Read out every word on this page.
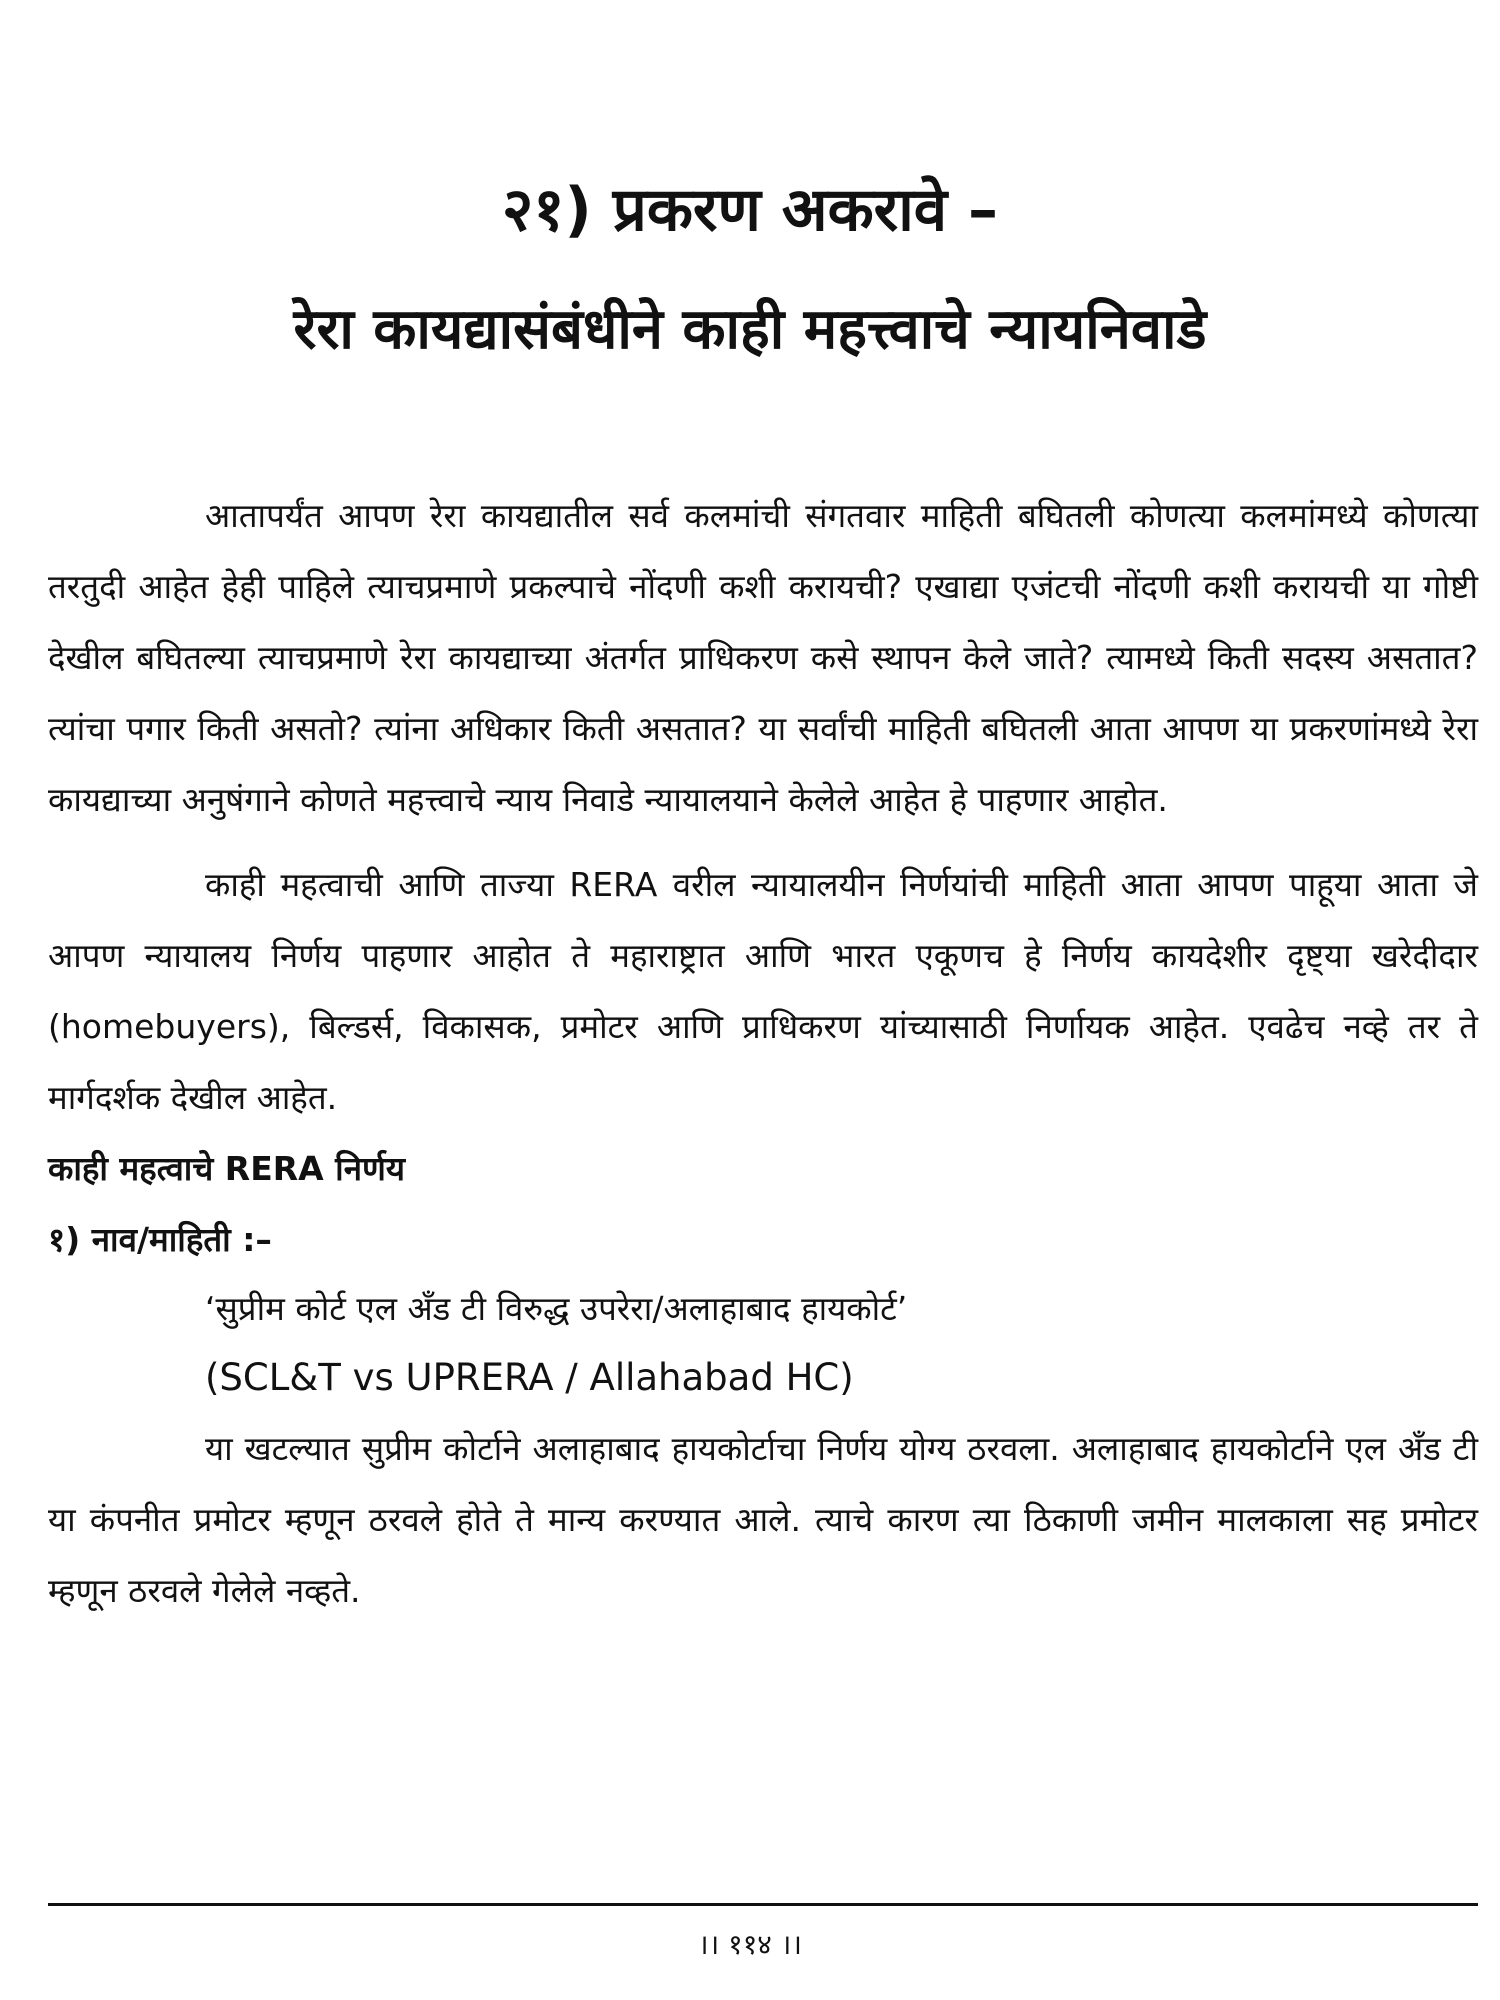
२१) प्रकरण अकरावे –
रेरा कायद्यासंबंधीने काही महत्त्वाचे न्यायनिवाडे

आतापर्यंत आपण रेरा कायद्यातील सर्व कलमांची संगतवार माहिती बघितली कोणत्या कलमांमध्ये कोणत्या तरतुदी आहेत हेही पाहिले त्याचप्रमाणे प्रकल्पाचे नोंदणी कशी करायची? एखाद्या एजंटची नोंदणी कशी करायची या गोष्टी देखील बघितल्या त्याचप्रमाणे रेरा कायद्याच्या अंतर्गत प्राधिकरण कसे स्थापन केले जाते? त्यामध्ये किती सदस्य असतात? त्यांचा पगार किती असतो? त्यांना अधिकार किती असतात? या सर्वांची माहिती बघितली आता आपण या प्रकरणांमध्ये रेरा कायद्याच्या अनुषंगाने कोणते महत्त्वाचे न्याय निवाडे न्यायालयाने केलेले आहेत हे पाहणार आहोत.

काही महत्वाची आणि ताज्या RERA वरील न्यायालयीन निर्णयांची माहिती आता आपण पाहूया आता जे आपण न्यायालय निर्णय पाहणार आहोत ते महाराष्ट्रात आणि भारत एकूणच हे निर्णय कायदेशीर दृष्ट्या खरेदीदार (homebuyers), बिल्डर्स, विकासक, प्रमोटर आणि प्राधिकरण यांच्यासाठी निर्णायक आहेत. एवढेच नव्हे तर ते मार्गदर्शक देखील आहेत.

काही महत्वाचे RERA निर्णय
१) नाव/माहिती :–
‘सुप्रीम कोर्ट एल अँड टी विरुद्ध उपरेरा/अलाहाबाद हायकोर्ट’
(SCL&T vs UPRERA / Allahabad HC)

या खटल्यात सुप्रीम कोर्टाने अलाहाबाद हायकोर्टाचा निर्णय योग्य ठरवला. अलाहाबाद हायकोर्टाने एल अँड टी या कंपनीत प्रमोटर म्हणून ठरवले होते ते मान्य करण्यात आले. त्याचे कारण त्या ठिकाणी जमीन मालकाला सह प्रमोटर म्हणून ठरवले गेलेले नव्हते.

।। ११४ ।।
